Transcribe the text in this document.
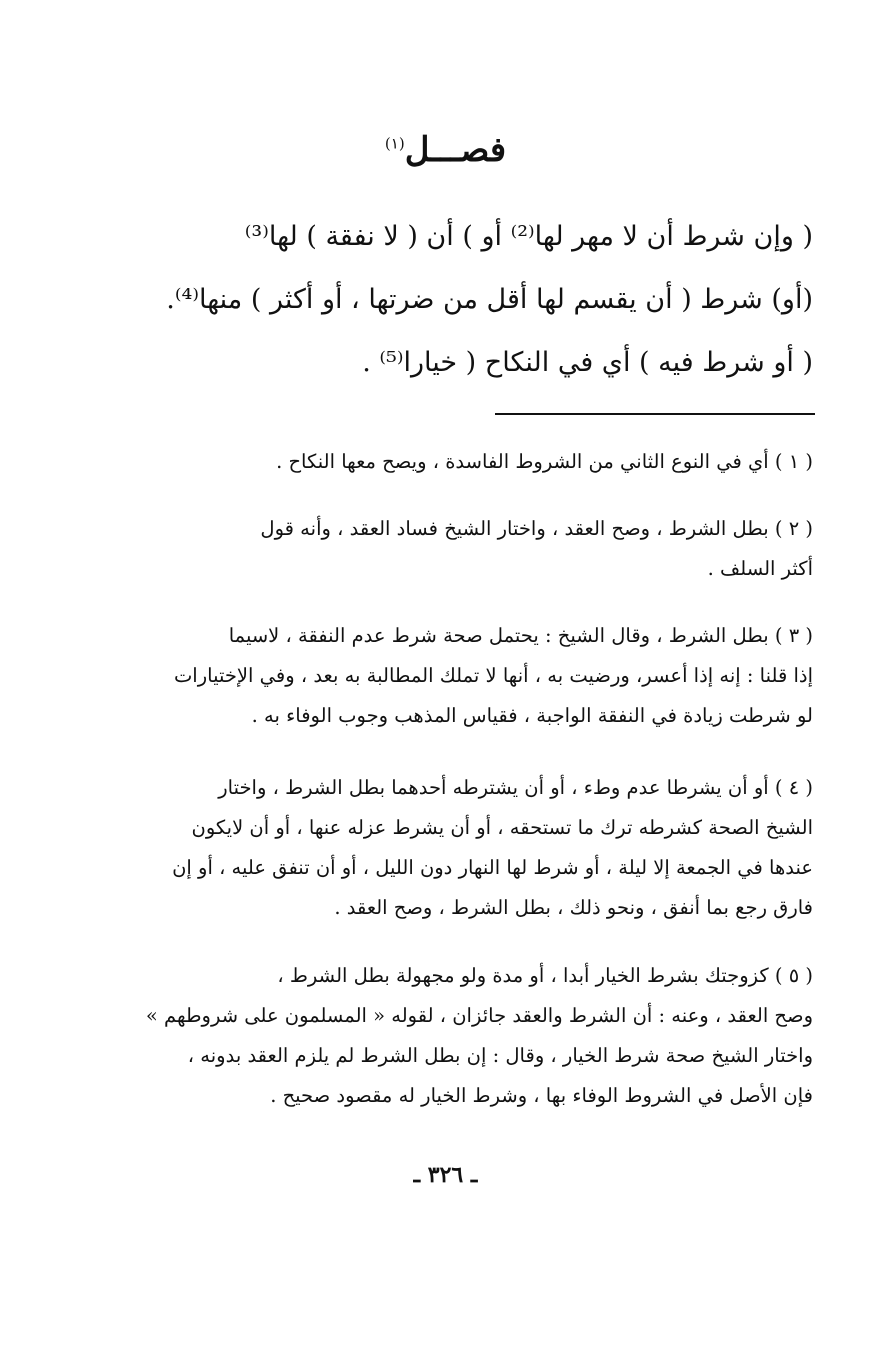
فصـــل$^{(١)}$
( وإن شرط أن لا مهر لها⁽²⁾ أو ) أن ( لا نفقة ) لها⁽³⁾
(أو) شرط ( أن يقسم لها أقل من ضرتها ، أو أكثر ) منها⁽⁴⁾.
( أو شرط فيه ) أي في النكاح ( خيارا⁽⁵⁾ .
( ١ ) أي في النوع الثاني من الشروط الفاسدة ، ويصح معها النكاح .
( ٢ ) بطل الشرط ، وصح العقد ، واختار الشيخ فساد العقد ، وأنه قول
أكثر السلف .
( ٣ ) بطل الشرط ، وقال الشيخ : يحتمل صحة شرط عدم النفقة ، لاسيما
إذا قلنا : إنه إذا أعسر، ورضيت به ، أنها لا تملك المطالبة به بعد ، وفي الإختيارات
لو شرطت زيادة في النفقة الواجبة ، فقياس المذهب وجوب الوفاء به .
( ٤ ) أو أن يشرطا عدم وطء ، أو أن يشترطه أحدهما بطل الشرط ، واختار
الشيخ الصحة كشرطه ترك ما تستحقه ، أو أن يشرط عزله عنها ، أو أن لايكون
عندها في الجمعة إلا ليلة ، أو شرط لها النهار دون الليل ، أو أن تنفق عليه ، أو إن
فارق رجع بما أنفق ، ونحو ذلك ، بطل الشرط ، وصح العقد .
( ٥ ) كزوجتك بشرط الخيار أبدا ، أو مدة ولو مجهولة بطل الشرط ،
وصح العقد ، وعنه : أن الشرط والعقد جائزان ، لقوله « المسلمون على شروطهم »
واختار الشيخ صحة شرط الخيار ، وقال : إن بطل الشرط لم يلزم العقد بدونه ،
فإن الأصل في الشروط الوفاء بها ، وشرط الخيار له مقصود صحيح .
ـ ٣٢٦ ـ
